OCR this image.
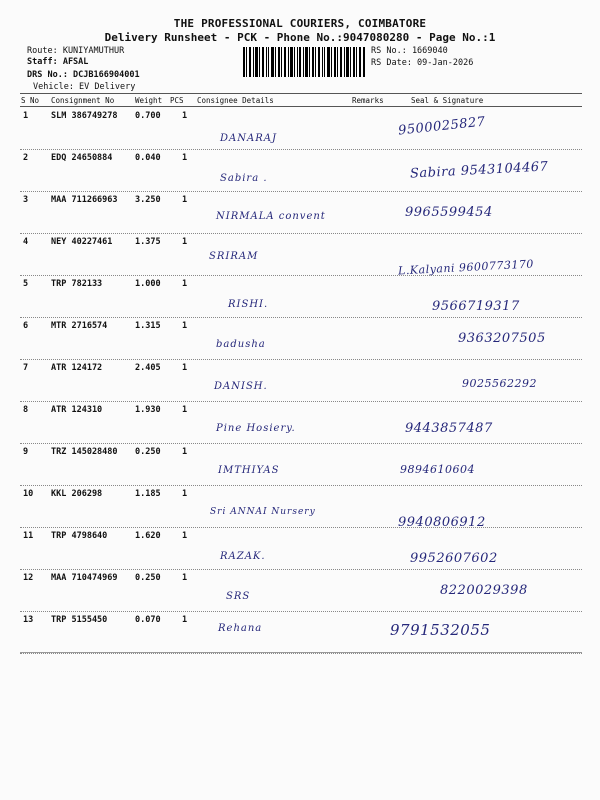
THE PROFESSIONAL COURIERS, COIMBATORE
Delivery Runsheet - PCK - Phone No.:9047080280 - Page No.:1
Route: KUNIYAMUTHUR
Staff: AFSAL
DRS No.: DCJB166904001
Vehicle: EV Delivery
RS No.: 1669040
RS Date: 09-Jan-2026
S No Consignment No	Weight PCS Consignee Details	Remarks	Seal & Signature
1	SLM 386749278 0.700	1
DANARAJ	9500025827
2	EDQ 24650884	0.040	1
Sabira .	Sabira 9543104467
3	MAA 711266963 3.250	1
NIRMALA convent	9965599454
4	NEY 40227461	1.375	1
SRIRAM
L.Kalyani 9600773170
5	TRP 782133	1.000	1
RISHI.	9566719317
6	MTR 2716574	1.315	1
badusha	9363207505
7	ATR 124172	2.405	1
DANISH.	9025562292
8	ATR 124310	1.930	1
Pine Hosiery.	9443857487
9	TRZ 145028480 0.250	1
IMTHIYAS	9894610604
10 KKL 206298	1.185	1
Sri ANNAI Nursery
9940806912
11 TRP 4798640	1.620	1
RAZAK.	9952607602
12 MAA 710474969 0.250	1
SRS	8220029398
13 TRP 5155450	0.070	1
Rehana	9791532055
